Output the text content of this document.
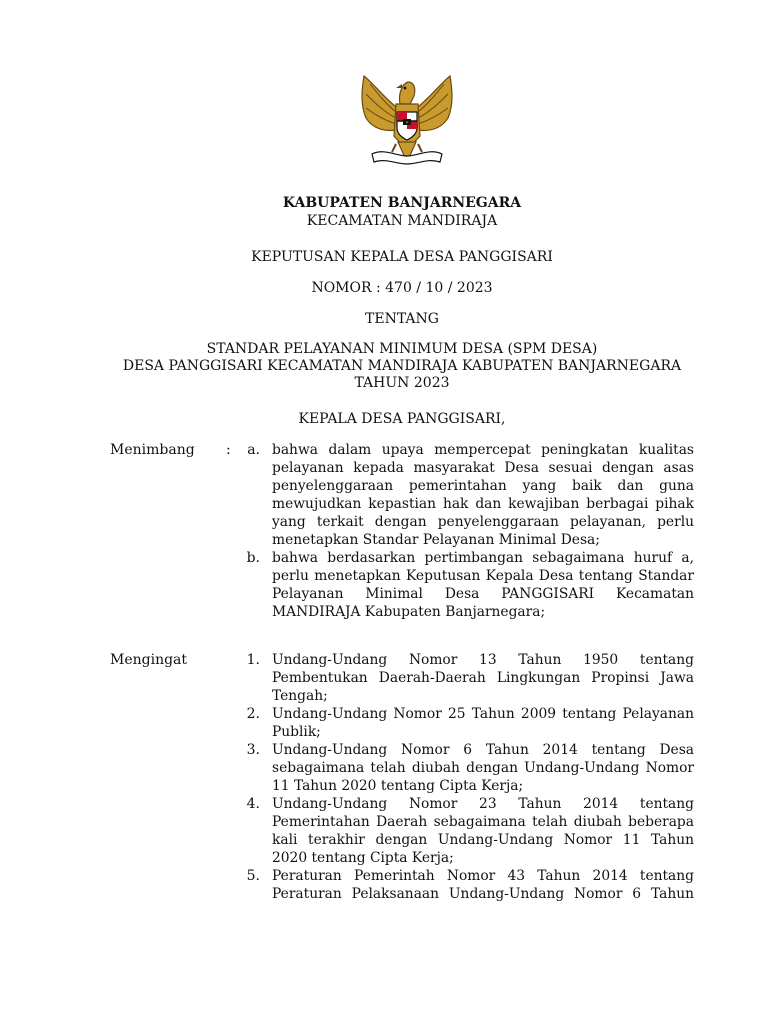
KABUPATEN BANJARNEGARA
KECAMATAN MANDIRAJA
KEPUTUSAN KEPALA DESA PANGGISARI
NOMOR : 470 / 10 / 2023
TENTANG
STANDAR PELAYANAN MINIMUM DESA (SPM DESA)
DESA PANGGISARI KECAMATAN MANDIRAJA KABUPATEN BANJARNEGARA
TAHUN 2023
KEPALA DESA PANGGISARI,
Menimbang :	a. bahwa dalam upaya mempercepat peningkatan kualitas
pelayanan kepada masyarakat Desa sesuai dengan asas
penyelenggaraan pemerintahan yang baik dan guna
mewujudkan kepastian hak dan kewajiban berbagai pihak
yang terkait dengan penyelenggaraan pelayanan, perlu
menetapkan Standar Pelayanan Minimal Desa;
b. bahwa berdasarkan pertimbangan sebagaimana huruf a,
perlu menetapkan Keputusan Kepala Desa tentang Standar
Pelayanan Minimal Desa PANGGISARI Kecamatan
MANDIRAJA Kabupaten Banjarnegara;
Mengingat	1. Undang-Undang Nomor 13 Tahun 1950 tentang
Pembentukan Daerah-Daerah Lingkungan Propinsi Jawa
Tengah;
2. Undang-Undang Nomor 25 Tahun 2009 tentang Pelayanan
Publik;
3. Undang-Undang Nomor 6 Tahun 2014 tentang Desa
sebagaimana telah diubah dengan Undang-Undang Nomor
11 Tahun 2020 tentang Cipta Kerja;
4. Undang-Undang Nomor 23 Tahun 2014 tentang
Pemerintahan Daerah sebagaimana telah diubah beberapa
kali terakhir dengan Undang-Undang Nomor 11 Tahun
2020 tentang Cipta Kerja;
5. Peraturan Pemerintah Nomor 43 Tahun 2014 tentang
Peraturan Pelaksanaan Undang-Undang Nomor 6 Tahun
